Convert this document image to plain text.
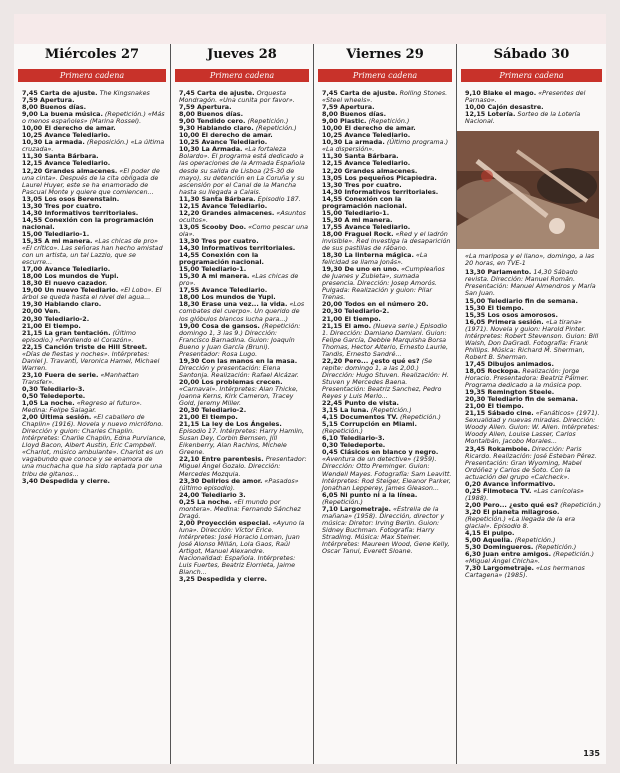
Miércoles 27
Primera cadena

7,45 Carta de ajuste. The Kingsnakes

7,59 Apertura.

8,00 Buenos días.

9,00 La buena música. (Repetición.) «Más o menos españoles» (Marina Rossel).

10,00 El derecho de amar.

10,25 Avance Telediario.

10,30 La armada. (Reposición.) «La última cruzada».

11,30 Santa Bárbara.

12,15 Avance Telediario.

12,20 Grandes almacenes. «El poder de una cinta». Después de la cita obligada de Laurel Huyer, este se ha enamorado de Pascual Monte y quiere que comiencen...

13,05 Los osos Berenstain.

13,30 Tres por cuatro.

14,30 Informativos territoriales.

14,55 Conexión con la programación nacional.

15,00 Telediario-1.

15,35 A mi manera. «Las chicas de pro» «El crítico». Las señoras han hecho amistad con un artista, un tal Lazzio, que se escurre...

17,00 Avance Telediario.

18,00 Los mundos de Yupi.

18,30 El nuevo cazador.

19,00 Un nuevo Telediario. «El Lobo». El árbol se queda hasta el nivel del agua...

19,30 Hablando claro.

20,00 Ven.

20,30 Telediario-2.

21,00 El tiempo.

21,15 La gran tentación. (Último episodio.) «Perdiendo el Corazón».

22,15 Canción triste de Hill Street. «Días de fiestas y noches». Intérpretes: Daniel J. Travanti, Veronica Hamel, Michael Warren.

23,10 Fuera de serie. «Manhattan Transfer».

0,30 Telediario-3.

0,50 Teledeporte.

1,05 La noche. «Regreso al futuro». Medina: Felipe Salagar.

2,00 Última sesión. «El caballero de Chaplin» (1916). Novela y nuevo micrófono. Dirección y guion: Charles Chaplin. Intérpretes: Charlie Chaplin, Edna Purviance, Lloyd Bacon, Albert Austin, Eric Campbell. «Charlot, músico ambulante». Charlot es un vagabundo que conoce y se enamora de una muchacha que ha sido raptada por una tribu de gitanos...

3,40 Despedida y cierre.

Jueves 28
Primera cadena

7,45 Carta de ajuste. Orquesta Mondragón. «Una cunita por favor».

7,59 Apertura.

8,00 Buenos días.

9,00 Tendido cero. (Repetición.)

9,30 Hablando claro. (Repetición.)

10,00 El derecho de amar.

10,25 Avance Telediario.

10,30 La Armada. «La fortaleza Bolardo». El programa está dedicado a las operaciones de la Armada Española desde su salida de Lisboa (25-30 de mayo), su detención en La Coruña y su ascensión por el Canal de la Mancha hasta su llegada a Calais.

11,30 Santa Bárbara. Episodio 187.

12,15 Avance Telediario.

12,20 Grandes almacenes. «Asuntos ocultos».

13,05 Scooby Doo. «Como pescar una ola».

13,30 Tres por cuatro.

14,30 Informativos territoriales.

14,55 Conexión con la programación nacional.

15,00 Telediario-1.

15,30 A mi manera. «Las chicas de pro».

17,55 Avance Telediario.

18,00 Los mundos de Yupi.

18,30 Erase una vez... la vida. «Los combates del cuerpo». Un querido de los glóbulos blancos lucha para...)

19,00 Cosa de gansos. (Repetición: domingo 1, 3 las 9.) Dirección: Francisco Barnadina. Guion: Joaquín Bueno y Juan García (Bruni). Presentador: Rosa Lugo.

19,30 Con las manos en la masa. Dirección y presentación: Elena Santonja. Realización: Rafael Alcázar.

20,00 Los problemas crecen. «Carnaval». Intérpretes: Alan Thicke, Joanna Kerns, Kirk Cameron, Tracey Gold, Jeremy Miller.

20,30 Telediario-2.

21,00 El tiempo.

21,15 La ley de Los Ángeles. Episodio 17. Intérpretes: Harry Hamlin, Susan Dey, Corbin Bernsen, Jill Eikenberry, Alan Rachins, Michele Greene.

22,10 Entre parentesis. Presentador: Miguel Ángel Gozalo. Dirección: Mercedes Mozquia.

23,30 Delirios de amor. «Pasados» (último episodio).

24,00 Telediario 3.

0,25 La noche. «El mundo por montera». Medina: Fernando Sánchez Dragó.

2,00 Proyección especial. «Ayuno la luna». Dirección: Víctor Erice. Intérpretes: José Horacio Loman, Juan José Alonso Millán, Lola Gaos, Raúl Artigot, Manuel Alexandre. Nacionalidad: Española. Intérpretes: Luis Fuertes, Beatriz Elorrieta, Jaime Blanch...

3,25 Despedida y cierre.

Viernes 29
Primera cadena

7,45 Carta de ajuste. Rolling Stones. «Steel wheels».

7,59 Apertura.

8,00 Buenos días.

9,00 Plastic. (Repetición.)

10,00 El derecho de amar.

10,25 Avance Telediario.

10,30 La armada. (Último programa.) «La dispersión».

11,30 Santa Bárbara.

12,15 Avance Telediario.

12,20 Grandes almacenes.

13,05 Los pequeños Picapiedra.

13,30 Tres por cuatro.

14,30 Informativos territoriales.

14,55 Conexión con la programación nacional.

15,00 Telediario-1.

15,30 A mi manera.

17,55 Avance Telediario.

18,00 Fraguel Rock. «Red y el ladrón invisible». Red investiga la desaparición de sus pastillas de rábano.

18,30 La linterna mágica. «La felicidad se llama Jonás».

19,30 De uno en uno. «Cumpleaños de Juanes y Zubieta», sumada presencia. Dirección: Josep Amorós. Pulgada: Realización y guion: Pilar Trenas.

20,00 Todos en el número 20.

20,30 Telediario-2.

21,00 El tiempo.

21,15 El amo. (Nueva serie.) Episodio 1. Dirección: Damiano Damiani. Guion: Felipe García, Debbie Marquisha Borsa Thomas, Hector Alterio, Ernesto Laurie, Tandis, Ernesto Sandré...

22,20 Pero... ¿esto qué es? (Se repite: domingo 1, a las 2,00.) Dirección: Hugo Stuven. Realización: H. Stuven y Mercedes Baena. Presentación: Beatriz Sanchez, Pedro Reyes y Luis Merlo...

22,45 Punto de vista.

3,15 La luna. (Repetición.)

4,15 Documentos TV. (Repetición.)

5,15 Corrupción en Miami. (Repetición.)

6,10 Telediario-3.

0,30 Teledeporte.

0,45 Clásicos en blanco y negro. «Aventura de un detective» (1959). Dirección: Otto Preminger. Guion: Wendell Mayes. Fotografía: Sam Leavitt. Intérpretes: Rod Steiger, Eleanor Parker, Jonathan Lepperey, James Gleason...

6,05 Ni punto ni a la línea. (Repetición.)

7,10 Largometraje. «Estrella de la mañana» (1958). Dirección, director y música: Diretor: Irving Berlin. Guion: Sidney Buchman. Fotografía: Harry Stradling. Música: Max Steiner. Intérpretes: Maureen Wood, Gene Kelly, Oscar Tanui, Everett Sloane.

Sábado 30
Primera cadena

9,10 Blake el mago. «Presentes del Parnaso».

10,00 Cajón desastre.

12,15 Lotería. Sorteo de la Lotería Nacional.

«La mariposa y el llano», domingo, a las 20 horas, en TVE-1

13,30 Parlamento. 14,30 Sábado revista. Dirección: Manuel Román. Presentación: Manuel Almendros y María San Juan.

15,00 Telediario fin de semana.

15,30 El tiempo.

15,35 Los osos amorosos.

16,05 Primera sesión. «La tirana» (1971). Novela y guion: Harold Pinter. Intérpretes: Robert Stevenson. Guion: Bill Walsh, Don DaGradi. Fotografía: Frank Phillips. Música: Richard M. Sherman, Robert B. Sherman.

17,45 Dibujos animados.

18,05 Rockopa. Realización: Jorge Horacio. Presentadora: Beatriz Pálmer. Programa dedicado a la música pop.

19,35 Remington Steele.

20,30 Telediario fin de semana.

21,00 El tiempo.

21,15 Sábado cine. «Fanáticos» (1971). Sexualidad y nuevas miradas. Dirección: Woody Allen. Guion: W. Allen. Intérpretes: Woody Allen, Louise Lasser, Carlos Montalbán, Jacobo Morales...

23,45 Rokambole. Dirección: Paris Ricardo. Realización: José Esteban Pérez. Presentación: Gran Wyoming, Mabel Ordóñez y Carlos de Soto. Con la actuación del grupo «Calcheck».

0,20 Avance informativo.

0,25 Filmoteca TV. «Las canícolas» (1988).

2,00 Pero... ¿esto qué es? (Repetición.)

3,20 El planeta milagroso. (Repetición.) «La llegada de la era glacial». Episodio 8.

4,15 El pulpo.

5,00 Aquella. (Repetición.)

5,30 Domingueros. (Repetición.)

6,30 Juan entre amigos. (Repetición.) «Miguel Ángel Chicha».

7,30 Largometraje. «Los hermanos Cartagena» (1985).

135
